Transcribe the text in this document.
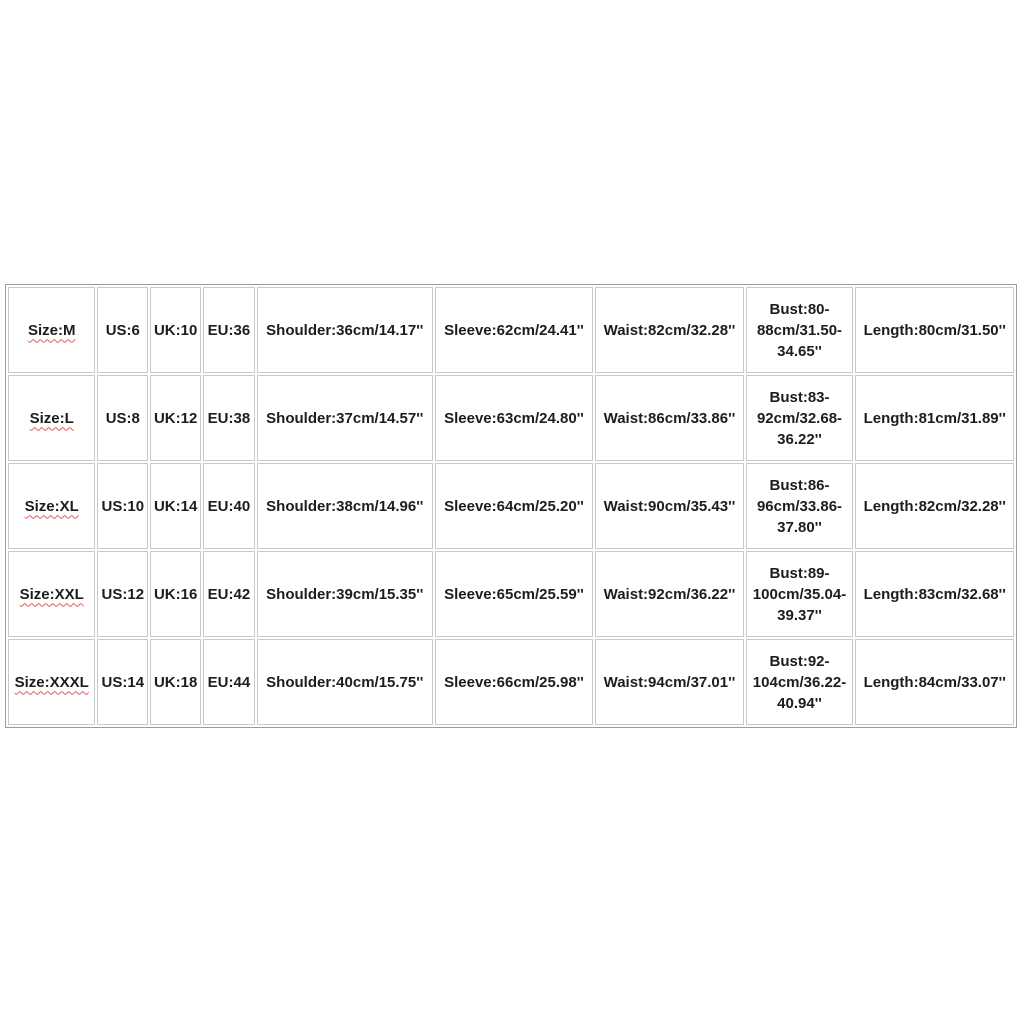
Size:M	US:6	UK:10	EU:36	Shoulder:36cm/14.17''	Sleeve:62cm/24.41''	Waist:82cm/32.28''	Bust:80-88cm/31.50-34.65''	Length:80cm/31.50''
Size:L	US:8	UK:12	EU:38	Shoulder:37cm/14.57''	Sleeve:63cm/24.80''	Waist:86cm/33.86''	Bust:83-92cm/32.68-36.22''	Length:81cm/31.89''
Size:XL	US:10	UK:14	EU:40	Shoulder:38cm/14.96''	Sleeve:64cm/25.20''	Waist:90cm/35.43''	Bust:86-96cm/33.86-37.80''	Length:82cm/32.28''
Size:XXL	US:12	UK:16	EU:42	Shoulder:39cm/15.35''	Sleeve:65cm/25.59''	Waist:92cm/36.22''	Bust:89-100cm/35.04-39.37''	Length:83cm/32.68''
Size:XXXL	US:14	UK:18	EU:44	Shoulder:40cm/15.75''	Sleeve:66cm/25.98''	Waist:94cm/37.01''	Bust:92-104cm/36.22-40.94''	Length:84cm/33.07''
